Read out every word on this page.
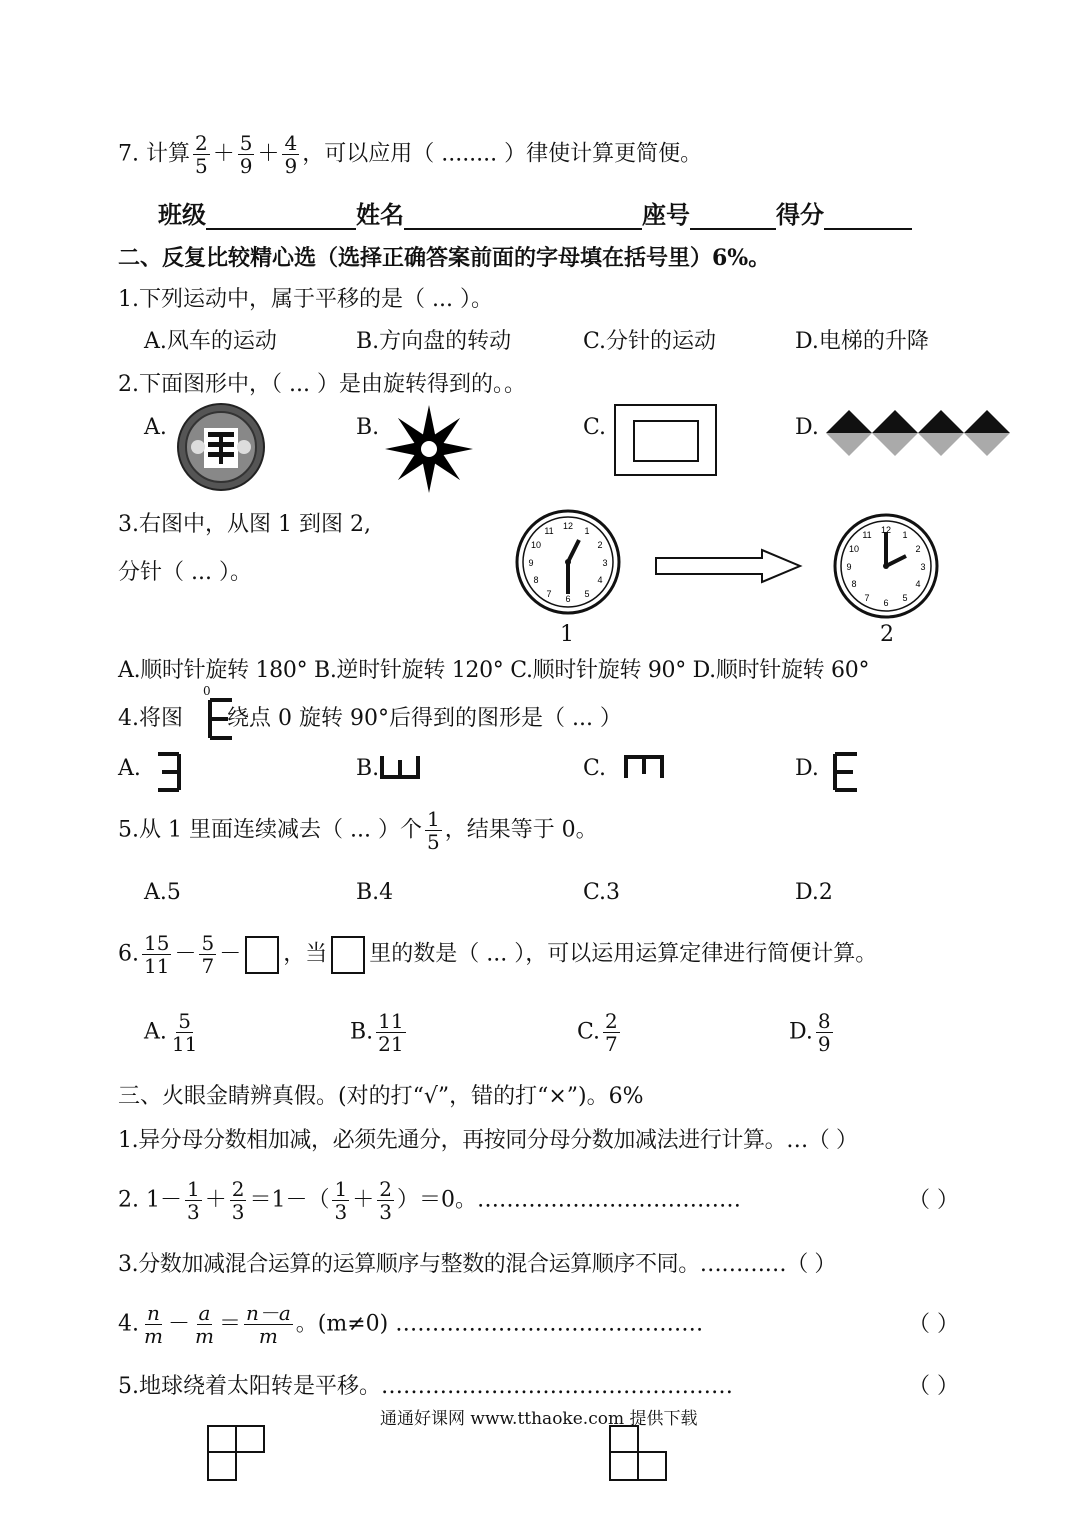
7. 计算 $\frac{2}{5} + \frac{5}{9} + \frac{4}{9}$ ，可以应用（ ........ ）律使计算更简便。
班级	姓名	座号	得分
二、反复比较精心选（选择正确答案前面的字母填在括号里）6%。
1.下列运动中，属于平移的是（ ... ）。
A.风车的运动	B.方向盘的转动	C.分针的运动	D.电梯的升降
2.下面图形中，（ ... ）是由旋转得到的。。
A.	B.	C.	D.
3.右图中，从图 1 到图 2,
分针（ ... ）。
12 1
2
3
4
5
6
7
8
9
10
11
1
12 1
2
3
4
5
6
7
8
9
10
11
2
A.顺时针旋转 180° B.逆时针旋转 120° C.顺时针旋转 90° D.顺时针旋转 60°
4.将图 绕点 0 旋转 90°后得到的图形是（ ... ）
0
A.	B.	C.	D.
5.从 1 里面连续减去（ ... ）个 $\frac{1}{5}$ ，结果等于 0。
A.5	B.4	C.3	D.2
6. $\frac{15}{11} - \frac{5}{7}$ － ，当 里的数是（ ... ），可以运用运算定律进行简便计算。
A. $\frac{5}{11}$	B. $\frac{11}{21}$	C. $\frac{2}{7}$	D. $\frac{8}{9}$
三、火眼金睛辨真假。(对的打“√”，错的打“×”)。6%
1.异分母分数相加减，必须先通分，再按同分母分数加减法进行计算。…（ ）
2. $1- \frac{1}{3} + \frac{2}{3} =1-( \frac{1}{3} + \frac{2}{3} )=0$。………………………………	（ ）
3.分数加减混合运算的运算顺序与整数的混合运算顺序不同。…………（ ）
4. $\frac{n}{m} - \frac{a}{m} = \frac{n-a}{m}$ 。(m≠0) ……………………………………	（ ）
5.地球绕着太阳转是平移。…………………………………………	（ ）
通通好课网 www.tthaoke.com 提供下载
